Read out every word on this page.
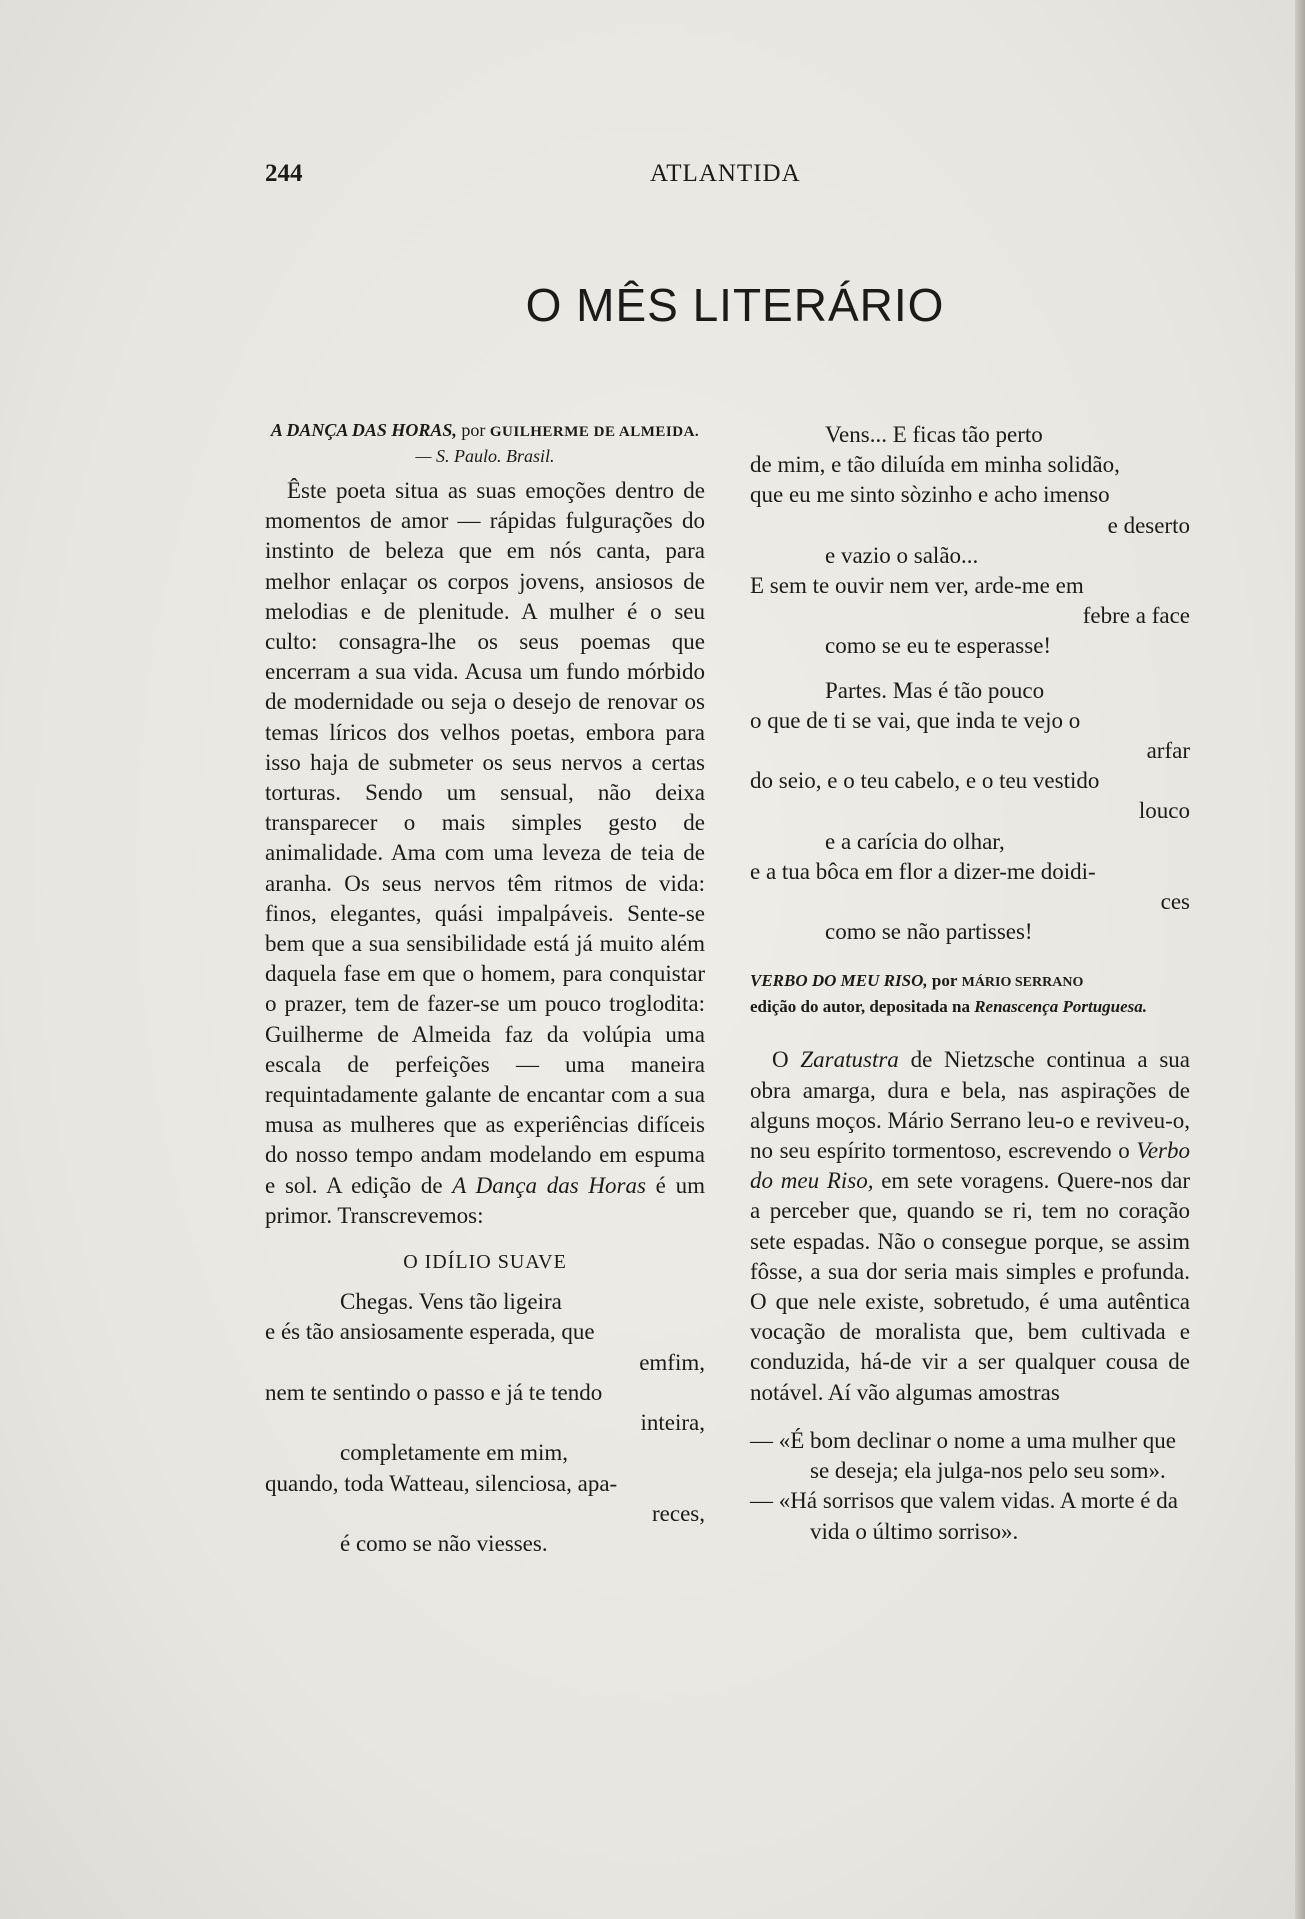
244	ATLANTIDA
O MÊS LITERÁRIO
A DANÇA DAS HORAS, por GUILHERME DE ALMEIDA. — S. Paulo. Brasil.

Êste poeta situa as suas emoções dentro de momentos de amor — rápidas fulgurações do instinto de beleza que em nós canta, para melhor enlaçar os corpos jovens, ansiosos de melodias e de plenitude. A mulher é o seu culto: consagra-lhe os seus poemas que encerram a sua vida. Acusa um fundo mórbido de modernidade ou seja o desejo de renovar os temas líricos dos velhos poetas, embora para isso haja de submeter os seus nervos a certas torturas. Sendo um sensual, não deixa transparecer o mais simples gesto de animalidade. Ama com uma leveza de teia de aranha. Os seus nervos têm ritmos de vida: finos, elegantes, quási impalpáveis. Sente-se bem que a sua sensibilidade está já muito além daquela fase em que o homem, para conquistar o prazer, tem de fazer-se um pouco troglodita: Guilherme de Almeida faz da volúpia uma escala de perfeições — uma maneira requintadamente galante de encantar com a sua musa as mulheres que as experiências difíceis do nosso tempo andam modelando em espuma e sol. A edição de A Dança das Horas é um primor. Transcrevemos:

O IDÍLIO SUAVE
Chegas. Vens tão ligeira
e és tão ansiosamente esperada, que
emfim,
nem te sentindo o passo e já te tendo
inteira,
completamente em mim,
quando, toda Watteau, silenciosa, apa-
reces,
é como se não viesses.
Vens... E ficas tão perto
de mim, e tão diluída em minha solidão,
que eu me sinto sòzinho e acho imenso
e deserto
e vazio o salão...
E sem te ouvir nem ver, arde-me em
febre a face
como se eu te esperasse!
Partes. Mas é tão pouco
o que de ti se vai, que inda te vejo o
arfar
do seio, e o teu cabelo, e o teu vestido
louco
e a carícia do olhar,
e a tua bôca em flor a dizer-me doidi-
ces
como se não partisses!
VERBO DO MEU RISO, por MÁRIO SERRANO
edição do autor, depositada na Renascença Portuguesa.

O Zaratustra de Nietzsche continua a sua obra amarga, dura e bela, nas aspirações de alguns moços. Mário Serrano leu-o e reviveu-o, no seu espírito tormentoso, escrevendo o Verbo do meu Riso, em sete voragens. Quere-nos dar a perceber que, quando se ri, tem no coração sete espadas. Não o consegue porque, se assim fôsse, a sua dor seria mais simples e profunda. O que nele existe, sobretudo, é uma autêntica vocação de moralista que, bem cultivada e conduzida, há-de vir a ser qualquer cousa de notável. Aí vão algumas amostras

— «É bom declinar o nome a uma mulher que se deseja; ela julga-nos pelo seu som».
— «Há sorrisos que valem vidas. A morte é da vida o último sorriso».
